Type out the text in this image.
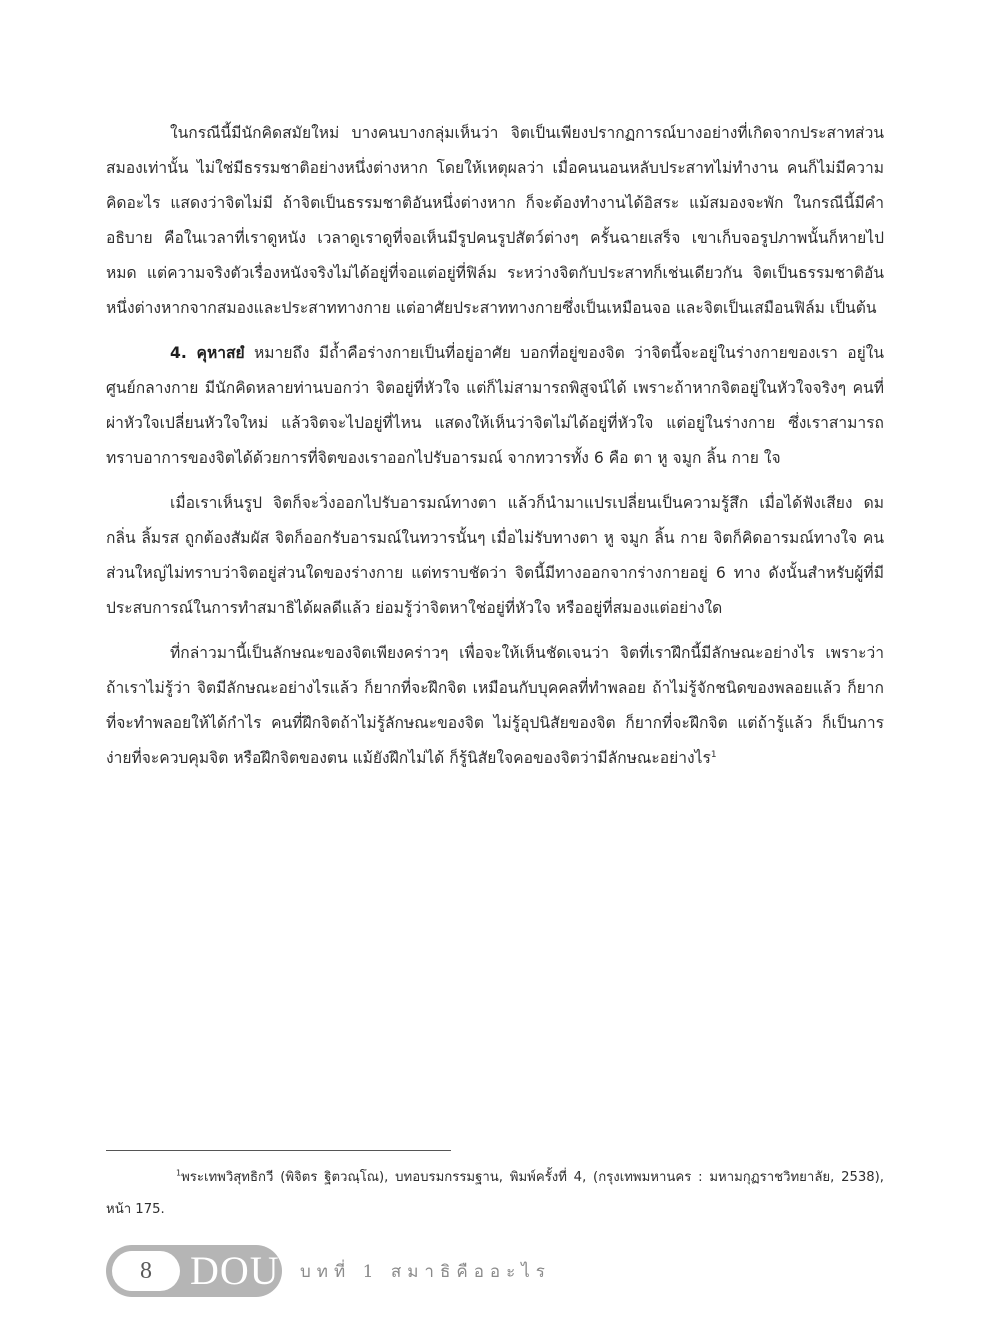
ในกรณีนี้มีนักคิดสมัยใหม่ บางคนบางกลุ่มเห็นว่า จิตเป็นเพียงปรากฏการณ์บางอย่างที่เกิดจากประสาทส่วนสมองเท่านั้น ไม่ใช่มีธรรมชาติอย่างหนึ่งต่างหาก โดยให้เหตุผลว่า เมื่อคนนอนหลับประสาทไม่ทำงาน คนก็ไม่มีความคิดอะไร แสดงว่าจิตไม่มี ถ้าจิตเป็นธรรมชาติอันหนึ่งต่างหาก ก็จะต้องทำงานได้อิสระ แม้สมองจะพัก ในกรณีนี้มีคำอธิบาย คือในเวลาที่เราดูหนัง เวลาดูเราดูที่จอเห็นมีรูปคนรูปสัตว์ต่างๆ ครั้นฉายเสร็จ เขาเก็บจอรูปภาพนั้นก็หายไปหมด แต่ความจริงตัวเรื่องหนังจริงไม่ได้อยู่ที่จอแต่อยู่ที่ฟิล์ม ระหว่างจิตกับประสาทก็เช่นเดียวกัน จิตเป็นธรรมชาติอันหนึ่งต่างหากจากสมองและประสาททางกาย แต่อาศัยประสาททางกายซึ่งเป็นเหมือนจอ และจิตเป็นเสมือนฟิล์ม เป็นต้น

4. คุหาสยํ หมายถึง มีถ้ำคือร่างกายเป็นที่อยู่อาศัย บอกที่อยู่ของจิต ว่าจิตนี้จะอยู่ในร่างกายของเรา อยู่ในศูนย์กลางกาย มีนักคิดหลายท่านบอกว่า จิตอยู่ที่หัวใจ แต่ก็ไม่สามารถพิสูจน์ได้ เพราะถ้าหากจิตอยู่ในหัวใจจริงๆ คนที่ผ่าหัวใจเปลี่ยนหัวใจใหม่ แล้วจิตจะไปอยู่ที่ไหน แสดงให้เห็นว่าจิตไม่ได้อยู่ที่หัวใจ แต่อยู่ในร่างกาย ซึ่งเราสามารถทราบอาการของจิตได้ด้วยการที่จิตของเราออกไปรับอารมณ์ จากทวารทั้ง 6 คือ ตา หู จมูก ลิ้น กาย ใจ

เมื่อเราเห็นรูป จิตก็จะวิ่งออกไปรับอารมณ์ทางตา แล้วก็นำมาแปรเปลี่ยนเป็นความรู้สึก เมื่อได้ฟังเสียง ดมกลิ่น ลิ้มรส ถูกต้องสัมผัส จิตก็ออกรับอารมณ์ในทวารนั้นๆ เมื่อไม่รับทางตา หู จมูก ลิ้น กาย จิตก็คิดอารมณ์ทางใจ คนส่วนใหญ่ไม่ทราบว่าจิตอยู่ส่วนใดของร่างกาย แต่ทราบชัดว่า จิตนี้มีทางออกจากร่างกายอยู่ 6 ทาง ดังนั้นสำหรับผู้ที่มีประสบการณ์ในการทำสมาธิได้ผลดีแล้ว ย่อมรู้ว่าจิตหาใช่อยู่ที่หัวใจ หรืออยู่ที่สมองแต่อย่างใด

ที่กล่าวมานี้เป็นลักษณะของจิตเพียงคร่าวๆ เพื่อจะให้เห็นชัดเจนว่า จิตที่เราฝึกนี้มีลักษณะอย่างไร เพราะว่า ถ้าเราไม่รู้ว่า จิตมีลักษณะอย่างไรแล้ว ก็ยากที่จะฝึกจิต เหมือนกับบุคคลที่ทำพลอย ถ้าไม่รู้จักชนิดของพลอยแล้ว ก็ยากที่จะทำพลอยให้ได้กำไร คนที่ฝึกจิตถ้าไม่รู้ลักษณะของจิต ไม่รู้อุปนิสัยของจิต ก็ยากที่จะฝึกจิต แต่ถ้ารู้แล้ว ก็เป็นการง่ายที่จะควบคุมจิต หรือฝึกจิตของตน แม้ยังฝึกไม่ได้ ก็รู้นิสัยใจคอของจิตว่ามีลักษณะอย่างไร$^1$

$^1$พระเทพวิสุทธิกวี (พิจิตร ฐิตวณฺโณ), บทอบรมกรรมฐาน, พิมพ์ครั้งที่ 4, (กรุงเทพมหานคร : มหามกุฏราชวิทยาลัย, 2538), หน้า 175.

8 DOU บทที่ 1 สมาธิคืออะไร
